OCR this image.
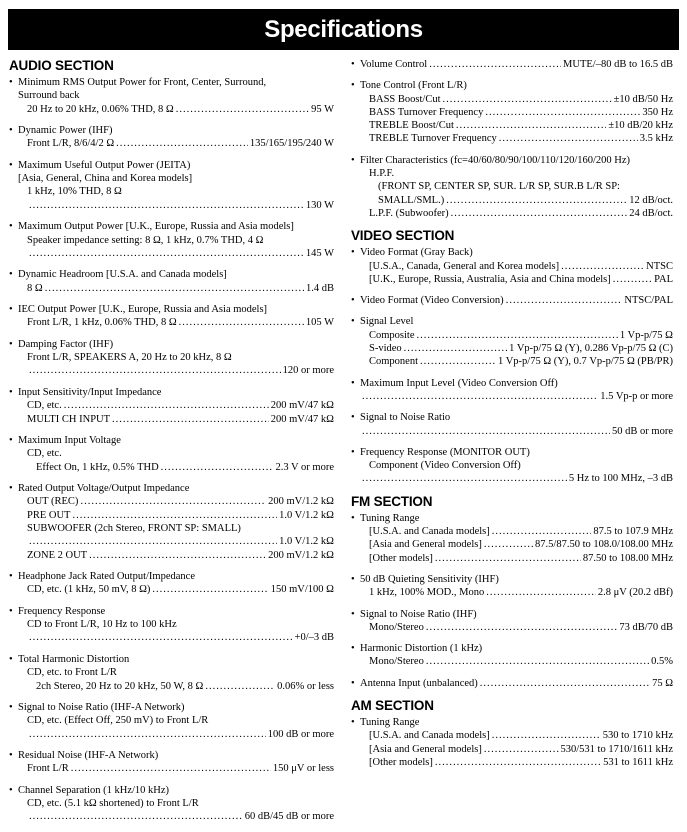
Specifications
AUDIO SECTION
• Minimum RMS Output Power for Front, Center, Surround,
Surround back
20 Hz to 20 kHz, 0.06% THD, 8 Ω .....	95 W
• Dynamic Power (IHF)
Front L/R, 8/6/4/2 Ω .....	135/165/195/240 W
• Maximum Useful Output Power (JEITA)
[Asia, General, China and Korea models]
1 kHz, 10% THD, 8 Ω
.....
130 W
• Maximum Output Power [U.K., Europe, Russia and Asia models]
Speaker impedance setting: 8 Ω, 1 kHz, 0.7% THD, 4 Ω
.....
145 W
• Dynamic Headroom [U.S.A. and Canada models]
8 Ω .....	1.4 dB
• IEC Output Power [U.K., Europe, Russia and Asia models]
Front L/R, 1 kHz, 0.06% THD, 8 Ω .....	105 W
• Damping Factor (IHF)
Front L/R, SPEAKERS A, 20 Hz to 20 kHz, 8 Ω
.....
120 or more
• Input Sensitivity/Input Impedance
CD, etc. .....	200 mV/47 kΩ
MULTI CH INPUT .....	200 mV/47 kΩ
• Maximum Input Voltage
CD, etc.
Effect On, 1 kHz, 0.5% THD .....	2.3 V or more
• Rated Output Voltage/Output Impedance
OUT (REC) .....	200 mV/1.2 kΩ
PRE OUT .....	1.0 V/1.2 kΩ
SUBWOOFER (2ch Stereo, FRONT SP: SMALL)
.....
1.0 V/1.2 kΩ
ZONE 2 OUT .....	200 mV/1.2 kΩ
• Headphone Jack Rated Output/Impedance
CD, etc. (1 kHz, 50 mV, 8 Ω) .....	150 mV/100 Ω
• Frequency Response
CD to Front L/R, 10 Hz to 100 kHz
.....
+0/–3 dB
• Total Harmonic Distortion
CD, etc. to Front L/R
2ch Stereo, 20 Hz to 20 kHz, 50 W, 8 Ω .....	0.06% or less
• Signal to Noise Ratio (IHF-A Network)
CD, etc. (Effect Off, 250 mV) to Front L/R
.....
100 dB or more
• Residual Noise (IHF-A Network)
Front L/R .....	150 μV or less
• Channel Separation (1 kHz/10 kHz)
CD, etc. (5.1 kΩ shortened) to Front L/R
.....
60 dB/45 dB or more
• Volume Control .....	MUTE/–80 dB to 16.5 dB
• Tone Control (Front L/R)
BASS Boost/Cut .....	±10 dB/50 Hz
BASS Turnover Frequency .....	350 Hz
TREBLE Boost/Cut .....	±10 dB/20 kHz
TREBLE Turnover Frequency .....	3.5 kHz
• Filter Characteristics (fc=40/60/80/90/100/110/120/160/200 Hz)
H.P.F.
(FRONT SP, CENTER SP, SUR. L/R SP, SUR.B L/R SP:
SMALL/SML.) .....	12 dB/oct.
L.P.F. (Subwoofer) .....	24 dB/oct.
VIDEO SECTION
• Video Format (Gray Back)
[U.S.A., Canada, General and Korea models] .....	NTSC
[U.K., Europe, Russia, Australia, Asia and China models] .....	PAL
• Video Format (Video Conversion) .....	NTSC/PAL
• Signal Level
Composite .....	1 Vp-p/75 Ω
S-video .....	1 Vp-p/75 Ω (Y), 0.286 Vp-p/75 Ω (C)
Component .....	1 Vp-p/75 Ω (Y), 0.7 Vp-p/75 Ω (PB/PR)
• Maximum Input Level (Video Conversion Off)
.....
1.5 Vp-p or more
• Signal to Noise Ratio
.....
50 dB or more
• Frequency Response (MONITOR OUT)
Component (Video Conversion Off)
.....
5 Hz to 100 MHz, –3 dB
FM SECTION
• Tuning Range
[U.S.A. and Canada models] .....	87.5 to 107.9 MHz
[Asia and General models] .....	87.5/87.50 to 108.0/108.00 MHz
[Other models] .....	87.50 to 108.00 MHz
• 50 dB Quieting Sensitivity (IHF)
1 kHz, 100% MOD., Mono .....	2.8 μV (20.2 dBf)
• Signal to Noise Ratio (IHF)
Mono/Stereo .....	73 dB/70 dB
• Harmonic Distortion (1 kHz)
Mono/Stereo .....	0.5%
• Antenna Input (unbalanced) .....	75 Ω
AM SECTION
• Tuning Range
[U.S.A. and Canada models] .....	530 to 1710 kHz
[Asia and General models] .....	530/531 to 1710/1611 kHz
[Other models] .....	531 to 1611 kHz
